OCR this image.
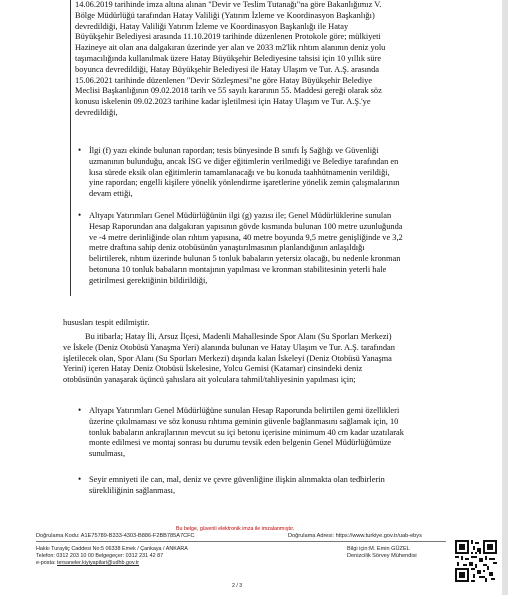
14.06.2019 tarihinde imza altına alınan "Devir ve Teslim Tutanağı"na göre Bakanlığımız V.
Bölge Müdürlüğü tarafından Hatay Valiliği (Yatırım İzleme ve Koordinasyon Başkanlığı)
devredildiği, Hatay Valiliği Yatırım İzleme ve Koordinasyon Başkanlığı ile Hatay
Büyükşehir Belediyesi arasında 11.10.2019 tarihinde düzenlenen Protokole göre; mülkiyeti
Hazineye ait olan ana dalgakıran üzerinde yer alan ve 2033 m2'lik rıhtım alanının deniz yolu
taşımacılığında kullanılmak üzere Hatay Büyükşehir Belediyesine tahsisi için 10 yıllık süre
boyunca devredildiği, Hatay Büyükşehir Belediyesi ile Hatay Ulaşım ve Tur. A.Ş. arasında
15.06.2021 tarihinde düzenlenen "Devir Sözleşmesi"ne göre Hatay Büyükşehir Belediye
Meclisi Başkanlığının 09.02.2018 tarih ve 55 sayılı kararının 55. Maddesi gereği olarak söz
konusu iskelenin 09.02.2023 tarihine kadar işletilmesi için Hatay Ulaşım ve Tur. A.Ş.'ye
devredildiği,
• İlgi (f) yazı ekinde bulunan rapordan; tesis bünyesinde B sınıfı İş Sağlığı ve Güvenliği
uzmanının bulunduğu, ancak İSG ve diğer eğitimlerin verilmediği ve Belediye tarafından en
kısa sürede eksik olan eğitimlerin tamamlanacağı ve bu konuda taahhütnamenin verildiği,
yine rapordan; engelli kişilere yönelik yönlendirme işaretlerine yönelik zemin çalışmalarının
devam ettiği,
• Altyapı Yatırımları Genel Müdürlüğünün ilgi (g) yazısı ile; Genel Müdürlüklerine sunulan
Hesap Raporundan ana dalgakıran yapısının gövde kısmında bulunan 100 metre uzunluğunda
ve -4 metre derinliğinde olan rıhtım yapısına, 40 metre boyunda 9,5 metre genişliğinde ve 3,2
metre draftına sahip deniz otobüsünün yanaştırılmasının planlandığının anlaşıldığı
belirtilerek, rıhtım üzerinde bulunan 5 tonluk babaların yetersiz olacağı, bu nedenle kronman
betonuna 10 tonluk babaların montajının yapılması ve kronman stabilitesinin yeterli hale
getirilmesi gerektiğinin bildirildiği,
hususları tespit edilmiştir.
Bu itibarla; Hatay İli, Arsuz İlçesi, Madenli Mahallesinde Spor Alanı (Su Sporları Merkezi)
ve İskele (Deniz Otobüsü Yanaşma Yeri) alanında bulunan ve Hatay Ulaşım ve Tur. A.Ş. tarafından
işletilecek olan, Spor Alanı (Su Sporları Merkezi) dışında kalan İskeleyi (Deniz Otobüsü Yanaşma
Yerini) içeren Hatay Deniz Otobüsü İskelesine, Yolcu Gemisi (Katamar) cinsindeki deniz
otobüsünün yanaşarak üçüncü şahıslara ait yolculara tahmil/tahliyesinin yapılması için;
• Altyapı Yatırımları Genel Müdürlüğüne sunulan Hesap Raporunda belirtilen gemi özellikleri
üzerine çıkılmaması ve söz konusu rıhtıma geminin güvenle bağlanmasını sağlamak için, 10
tonluk babaların ankrajlarının mevcut su içi betonu içerisine minimum 40 cm kadar uzatılarak
monte edilmesi ve montaj sonrası bu durumu tevsik eden belgenin Genel Müdürlüğümüze
sunulması,
• Seyir emniyeti ile can, mal, deniz ve çevre güvenliğine ilişkin alınmakta olan tedbirlerin
sürekliliğinin sağlanması,
Bu belge, güvenli elektronik imza ile imzalanmıştır.
Doğrulama Kodu: A1E75789-B333-4303-B886-F2BB785A7CFC	Doğrulama Adresi: https://www.turkiye.gov.tr/uab-ebys
Hakkı Turayliç Caddesi No:5 06338 Emek / Çankaya / ANKARA
Telefon: 0312 203 10 00 Belgegeçer: 0312 231 42 87
e-posta: tersaneler.kiyiyapilari@udhb.gov.tr
Bilgi için:M. Emin GÜZEL
Denizcilik Sörvey Mühendisi
2 / 3
